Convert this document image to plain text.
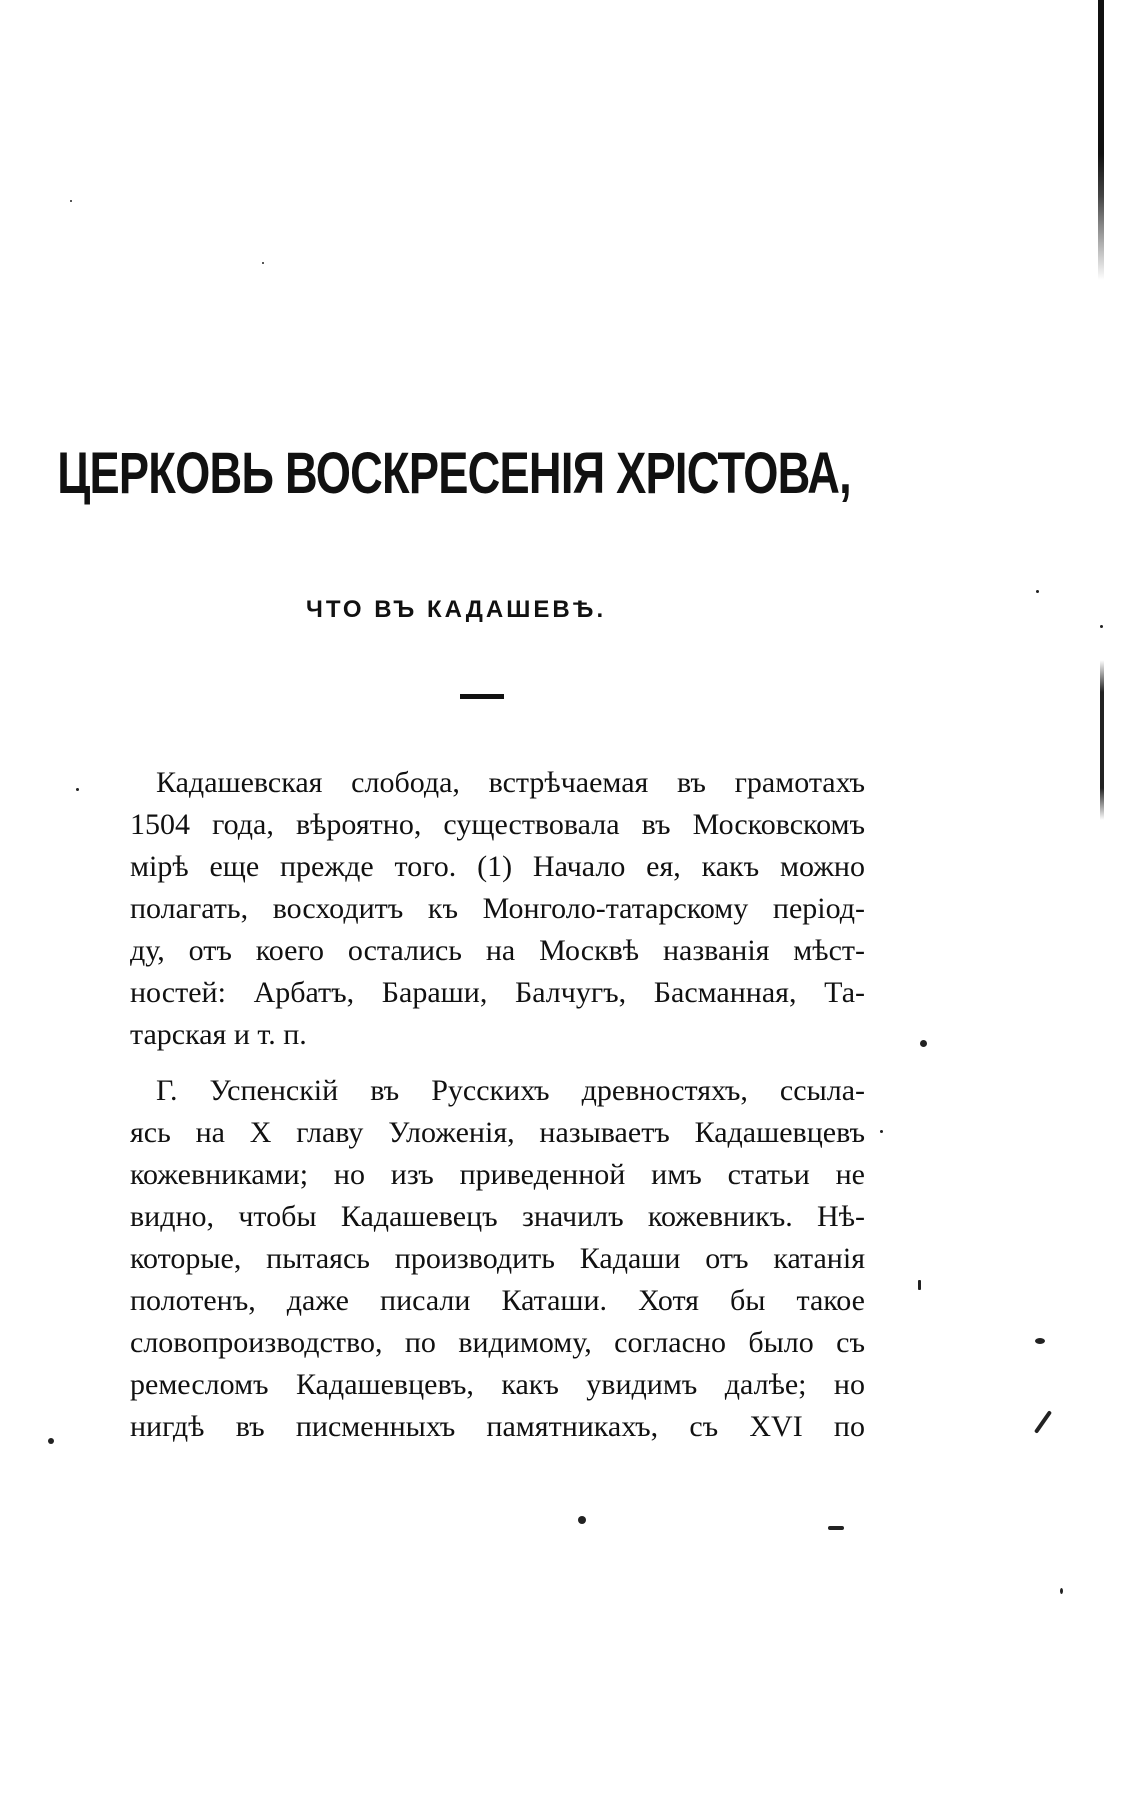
ЦЕРКОВЬ ВОСКРЕСЕНІЯ ХРІСТОВА,
ЧТО ВЪ КАДАШЕВѢ.
Кадашевская слобода, встрѣчаемая въ грамотахъ
1504 года, вѣроятно, существовала въ Московскомъ
мірѣ еще прежде того. (1) Начало ея, какъ можно
полагать, восходитъ къ Монголо-татарскому період-
ду, отъ коего остались на Москвѣ названія мѣст-
ностей: Арбатъ, Бараши, Балчугъ, Басманная, Та-
тарская и т. п.
Г. Успенскій въ Русскихъ древностяхъ, ссыла-
ясь на X главу Уложенія, называетъ Кадашевцевъ
кожевниками; но изъ приведенной имъ статьи не
видно, чтобы Кадашевецъ значилъ кожевникъ. Нѣ-
которые, пытаясь производить Кадаши отъ катанія
полотенъ, даже писали Каташи. Хотя бы такое
словопроизводство, по видимому, согласно было съ
ремесломъ Кадашевцевъ, какъ увидимъ далѣе; но
нигдѣ въ писменныхъ памятникахъ, съ XVI по
